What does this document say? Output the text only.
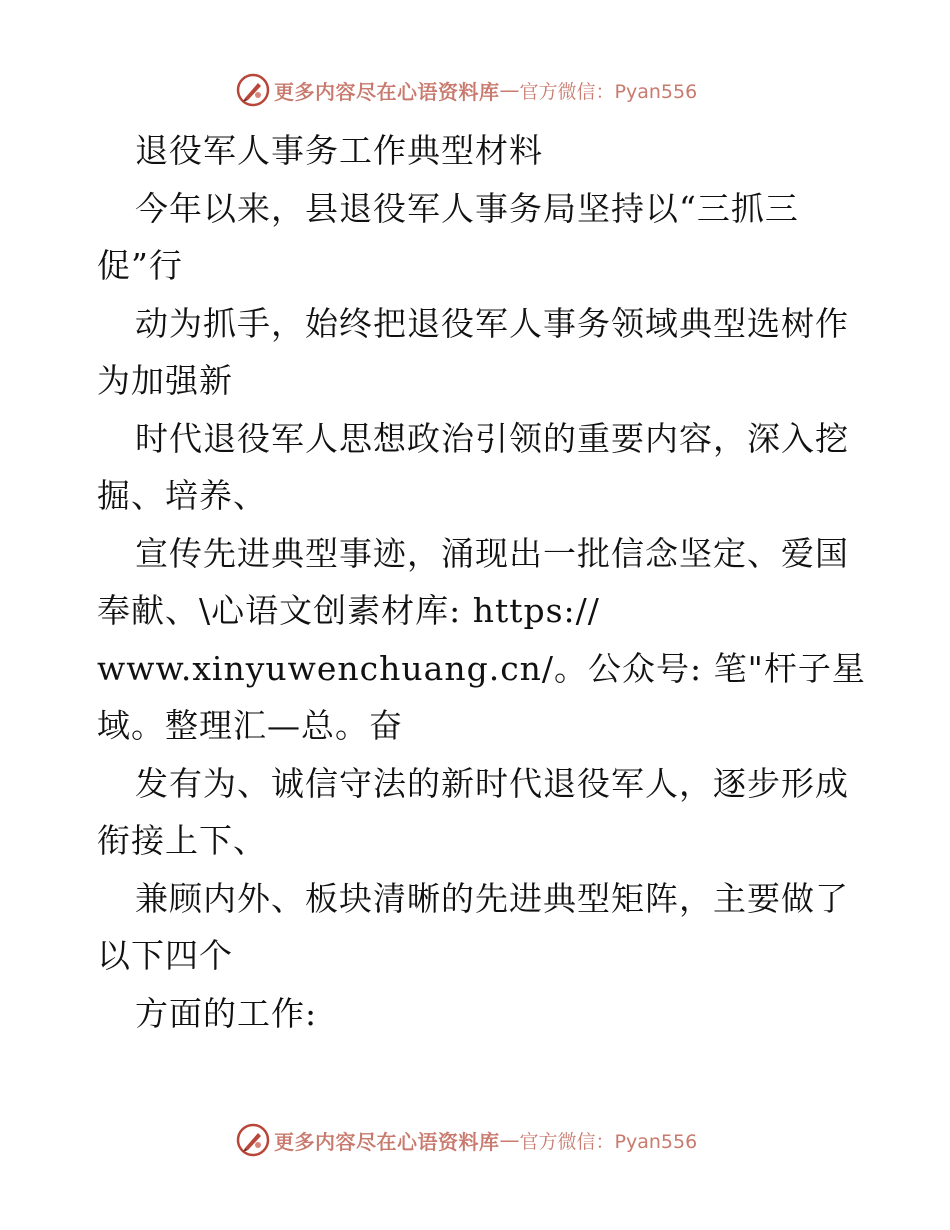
更多内容尽在心语资料库 — 官方微信：Pyan556
退役军人事务工作典型材料
今年以来，县退役军人事务局坚持以“三抓三
促”行
动为抓手，始终把退役军人事务领域典型选树作
为加强新
时代退役军人思想政治引领的重要内容，深入挖
掘、培养、
宣传先进典型事迹，涌现出一批信念坚定、爱国
奉献、\心语文创素材库: https://
www.xinyuwenchuang.cn/。公众号: 笔"杆子星
域。整理汇—总。奋
发有为、诚信守法的新时代退役军人，逐步形成
衔接上下、
兼顾内外、板块清晰的先进典型矩阵，主要做了
以下四个
方面的工作:
更多内容尽在心语资料库 — 官方微信：Pyan556
